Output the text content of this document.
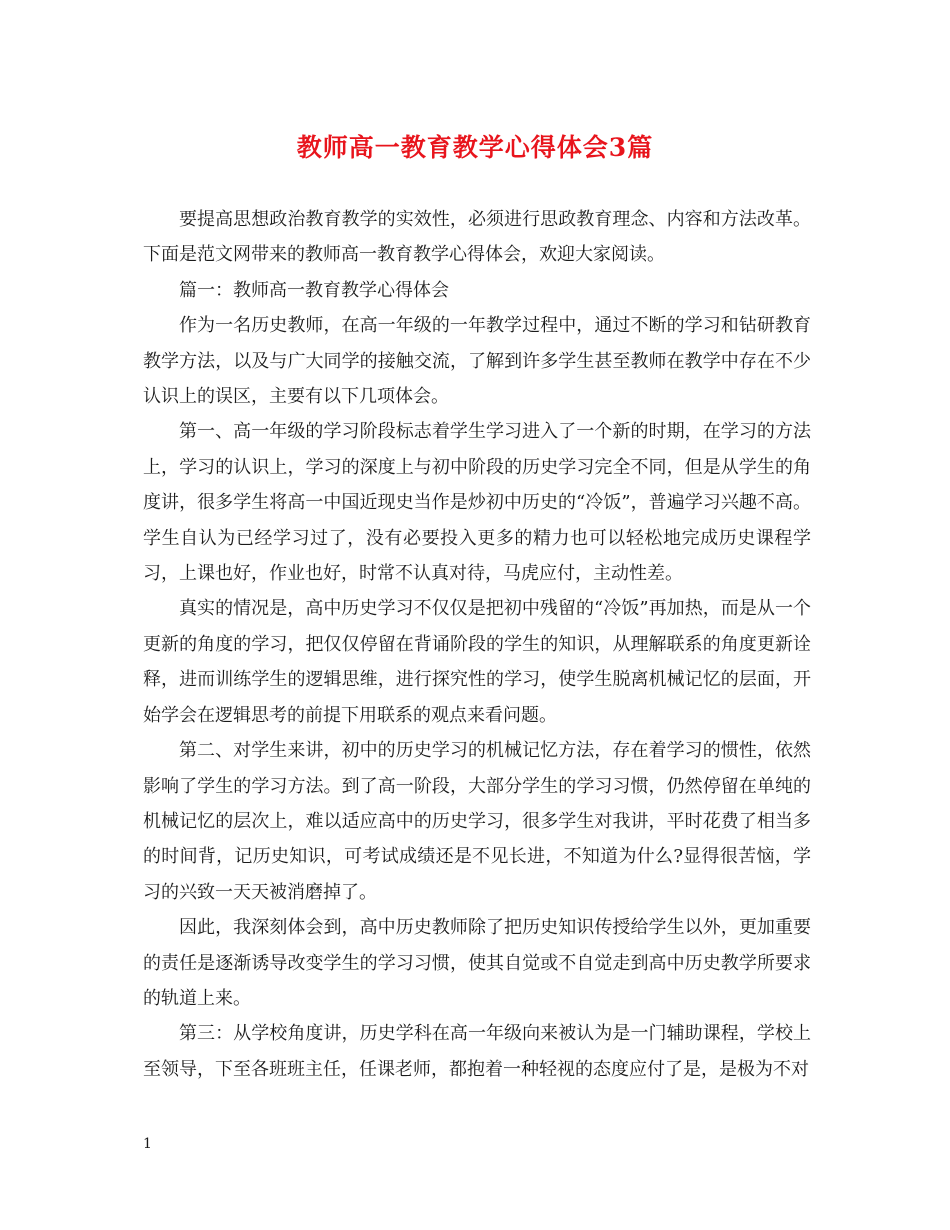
教师高一教育教学心得体会3篇

要提高思想政治教育教学的实效性，必须进行思政教育理念、内容和方法改革。下面是范文网带来的教师高一教育教学心得体会，欢迎大家阅读。

篇一：教师高一教育教学心得体会

作为一名历史教师，在高一年级的一年教学过程中，通过不断的学习和钻研教育教学方法，以及与广大同学的接触交流，了解到许多学生甚至教师在教学中存在不少认识上的误区，主要有以下几项体会。

第一、高一年级的学习阶段标志着学生学习进入了一个新的时期，在学习的方法上，学习的认识上，学习的深度上与初中阶段的历史学习完全不同，但是从学生的角度讲，很多学生将高一中国近现史当作是炒初中历史的“冷饭”，普遍学习兴趣不高。学生自认为已经学习过了，没有必要投入更多的精力也可以轻松地完成历史课程学习，上课也好，作业也好，时常不认真对待，马虎应付，主动性差。

真实的情况是，高中历史学习不仅仅是把初中残留的“冷饭”再加热，而是从一个更新的角度的学习，把仅仅停留在背诵阶段的学生的知识，从理解联系的角度更新诠释，进而训练学生的逻辑思维，进行探究性的学习，使学生脱离机械记忆的层面，开始学会在逻辑思考的前提下用联系的观点来看问题。

第二、对学生来讲，初中的历史学习的机械记忆方法，存在着学习的惯性，依然影响了学生的学习方法。到了高一阶段，大部分学生的学习习惯，仍然停留在单纯的机械记忆的层次上，难以适应高中的历史学习，很多学生对我讲，平时花费了相当多的时间背，记历史知识，可考试成绩还是不见长进，不知道为什么?显得很苦恼，学习的兴致一天天被消磨掉了。

因此，我深刻体会到，高中历史教师除了把历史知识传授给学生以外，更加重要的责任是逐渐诱导改变学生的学习习惯，使其自觉或不自觉走到高中历史教学所要求的轨道上来。

第三：从学校角度讲，历史学科在高一年级向来被认为是一门辅助课程，学校上至领导，下至各班班主任，任课老师，都抱着一种轻视的态度应付了是，是极为不对

1
